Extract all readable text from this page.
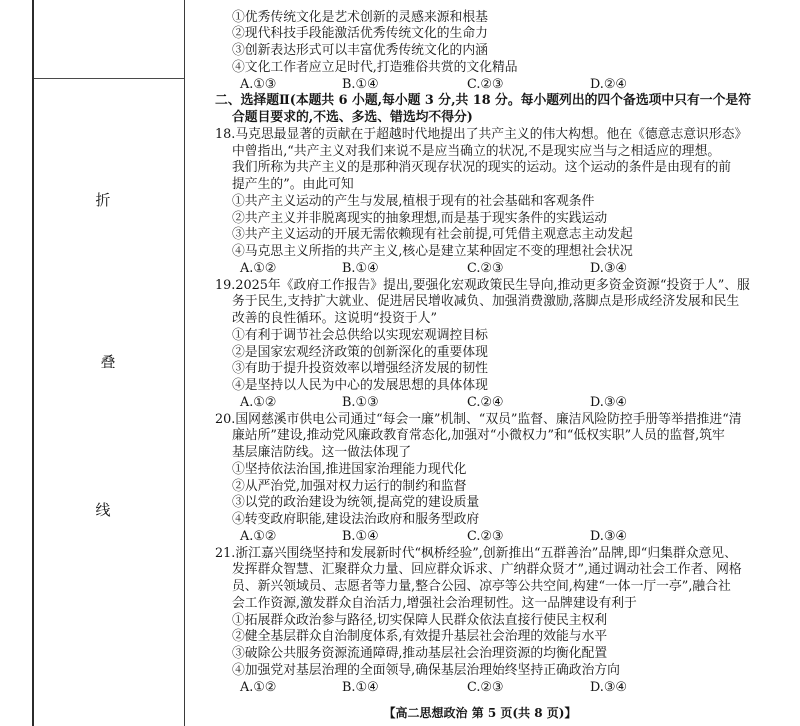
折
叠
线
①优秀传统文化是艺术创新的灵感来源和根基
②现代科技手段能激活优秀传统文化的生命力
③创新表达形式可以丰富优秀传统文化的内涵
④文化工作者应立足时代,打造雅俗共赏的文化精品
A.①③	B.①④	C.②③	D.②④
二、选择题Ⅱ(本题共 6 小题,每小题 3 分,共 18 分。每小题列出的四个备选项中只有一个是符
合题目要求的,不选、多选、错选均不得分)
18.马克思最显著的贡献在于超越时代地提出了共产主义的伟大构想。他在《德意志意识形态》
中曾指出,“共产主义对我们来说不是应当确立的状况,不是现实应当与之相适应的理想。
我们所称为共产主义的是那种消灭现存状况的现实的运动。这个运动的条件是由现有的前
提产生的”。由此可知
①共产主义运动的产生与发展,植根于现有的社会基础和客观条件
②共产主义并非脱离现实的抽象理想,而是基于现实条件的实践运动
③共产主义运动的开展无需依赖现有社会前提,可凭借主观意志主动发起
④马克思主义所指的共产主义,核心是建立某种固定不变的理想社会状况
A.①②	B.①④	C.②③	D.③④
19.2025年《政府工作报告》提出,要强化宏观政策民生导向,推动更多资金资源“投资于人”、服
务于民生,支持扩大就业、促进居民增收减负、加强消费激励,落脚点是形成经济发展和民生
改善的良性循环。这说明“投资于人”
①有利于调节社会总供给以实现宏观调控目标
②是国家宏观经济政策的创新深化的重要体现
③有助于提升投资效率以增强经济发展的韧性
④是坚持以人民为中心的发展思想的具体体现
A.①②	B.①③	C.②④	D.③④
20.国网慈溪市供电公司通过“每会一廉”机制、“双员”监督、廉洁风险防控手册等举措推进“清
廉站所”建设,推动党风廉政教育常态化,加强对“小微权力”和“低权实职”人员的监督,筑牢
基层廉洁防线。这一做法体现了
①坚持依法治国,推进国家治理能力现代化
②从严治党,加强对权力运行的制约和监督
③以党的政治建设为统领,提高党的建设质量
④转变政府职能,建设法治政府和服务型政府
A.①②	B.①④	C.②③	D.③④
21.浙江嘉兴围绕坚持和发展新时代“枫桥经验”,创新推出“五群善治”品牌,即“归集群众意见、
发挥群众智慧、汇聚群众力量、回应群众诉求、广纳群众贤才”,通过调动社会工作者、网格
员、新兴领域员、志愿者等力量,整合公园、凉亭等公共空间,构建“一体一厅一亭”,融合社
会工作资源,激发群众自治活力,增强社会治理韧性。这一品牌建设有利于
①拓展群众政治参与路径,切实保障人民群众依法直接行使民主权利
②健全基层群众自治制度体系,有效提升基层社会治理的效能与水平
③破除公共服务资源流通障碍,推动基层社会治理资源的均衡化配置
④加强党对基层治理的全面领导,确保基层治理始终坚持正确政治方向
A.①②	B.①④	C.②③	D.③④
【高二思想政治 第 5 页(共 8 页)】
